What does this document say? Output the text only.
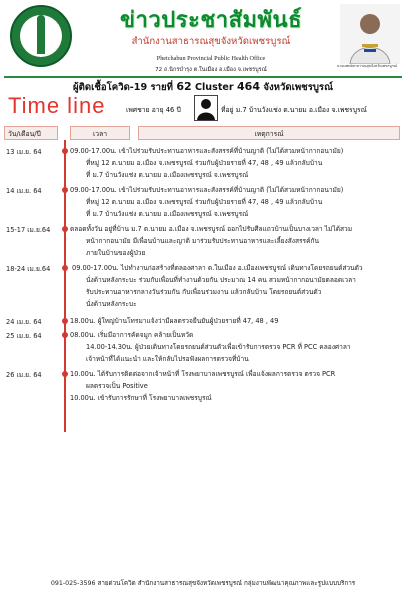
ข่าวประชาสัมพันธ์
สำนักงานสาธารณสุขจังหวัดเพชรบูรณ์
Phetchabun Provincial Public Health Office
72 ถ.นิกรบำรุง ต.ในเมือง อ.เมือง จ.เพชรบูรณ์
นายแพทย์สาธารณสุขจังหวัดเพชรบูรณ์
ผู้ติดเชื้อโควิด-19 รายที่ 62 Cluster 464 จังหวัดเพชรบูรณ์
Time line	เพศชาย อายุ 46 ปี	ที่อยู่ ม.7 บ้านวังแช่ง ต.นายม อ.เมือง จ.เพชรบูรณ์
วัน/เดือน/ปี	เวลา	เหตุการณ์
13 เม.ย. 64	09.00-17.00น. เข้าไปร่วมรับประทานอาหารและสังสรรค์ที่บ้านญาติ (ไม่ได้สวมหน้ากากอนามัย)
ที่หมู่ 12 ต.นายม อ.เมือง จ.เพชรบูรณ์ ร่วมกับผู้ป่วยรายที่ 47, 48 , 49 แล้วกลับบ้าน
ที่ ม.7 บ้านวังแช่ง ต.นายม อ.เมืองเพชรบูรณ์ จ.เพชรบูรณ์
14 เม.ย. 64	09.00-17.00น. เข้าไปร่วมรับประทานอาหารและสังสรรค์ที่บ้านญาติ (ไม่ได้สวมหน้ากากอนามัย)
ที่หมู่ 12 ต.นายม อ.เมือง จ.เพชรบูรณ์ ร่วมกับผู้ป่วยรายที่ 47, 48 , 49 แล้วกลับบ้าน
ที่ ม.7 บ้านวังแช่ง ต.นายม อ.เมืองเพชรบูรณ์ จ.เพชรบูรณ์
15-17 เม.ย.64	ตลอดทั้งวัน อยู่ที่บ้าน ม.7 ต.นายม อ.เมือง จ.เพชรบูรณ์ ออกไปรับศีลแถวบ้านเป็นบางเวลา ไม่ได้สวม
หน้ากากอนามัย มีเพื่อนบ้านและญาติ มาร่วมรับประทานอาหารและเลี้ยงสังสรรค์กัน
ภายในบ้านของผู้ป่วย
18-24 เม.ย.64	09.00-17.00น. ไปทำงานก่อสร้างที่ตลองศาลา ต.ในเมือง อ.เมืองเพชรบูรณ์ เดินทางโดยรถยนต์ส่วนตัว
นั่งด้านหลังกระบะ ร่วมกับเพื่อนที่ทำงานด้วยกัน ประมาณ 14 คน สวมหน้ากากอนามัยตลอดเวลา
รับประทานอาหารกลางวันร่วมกัน กับเพื่อนร่วมงาน แล้วกลับบ้าน โดยรถยนต์ส่วนตัว
นั่งด้านหลังกระบะ
24 เม.ย. 64	18.00น. ผู้ใหญ่บ้านโทรมาแจ้งว่ามีผลตรวจยืนยันผู้ป่วยรายที่ 47, 48 , 49
25 เม.ย. 64	08.00น. เริ่มมีอาการคัดจมูก คล้ายเป็นหวัด
14.00-14.30น. ผู้ป่วยเดินทางโดยรถยนต์ส่วนตัวเพื่อเข้ารับการตรวจ PCR ที่ PCC คลองศาลา
เจ้าหน้าที่ได้แนะนำ และให้กลับไปรอฟังผลการตรวจที่บ้าน
26 เม.ย. 64	10.00น. ได้รับการติดต่อจากเจ้าหน้าที่ โรงพยาบาลเพชรบูรณ์ เพื่อแจ้งผลการตรวจ ตรวจ PCR
ผลตรวจเป็น Positive
10.00น. เข้ารับการรักษาที่ โรงพยาบาลเพชรบูรณ์
091-025-3596 สายด่วนโควิด สำนักงานสาธารณสุขจังหวัดเพชรบูรณ์ กลุ่มงานพัฒนาคุณภาพและรูปแบบบริการ
